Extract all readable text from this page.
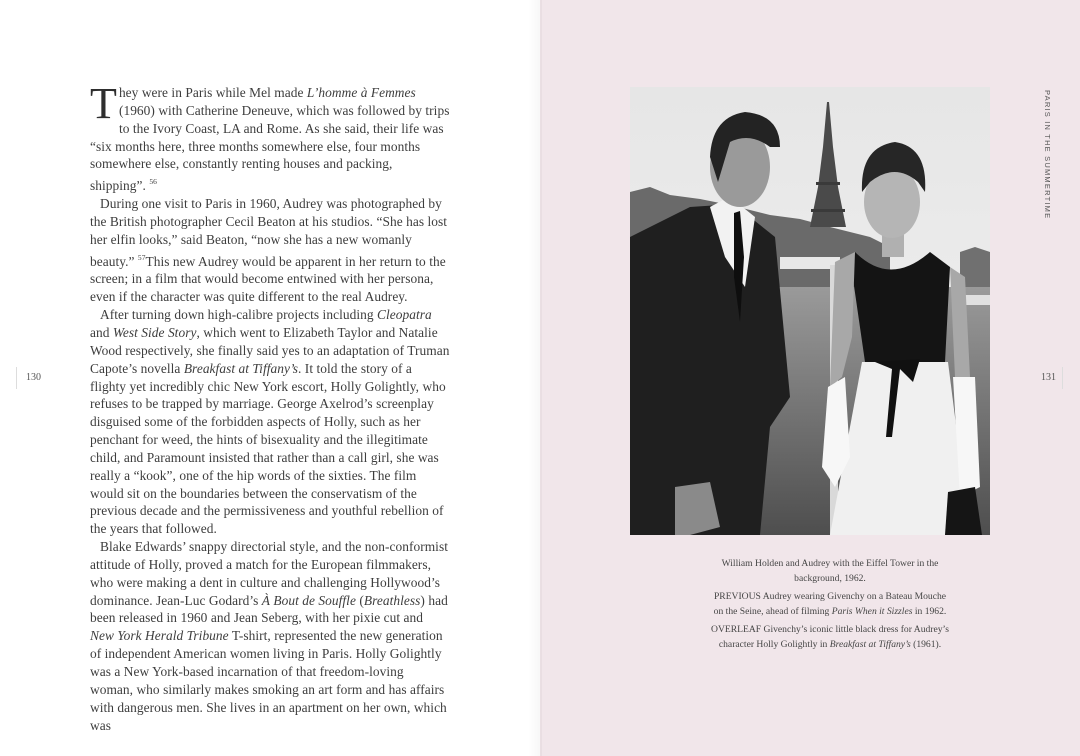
They were in Paris while Mel made L’homme à Femmes (1960) with Catherine Deneuve, which was followed by trips to the Ivory Coast, LA and Rome. As she said, their life was “six months here, three months somewhere else, four months somewhere else, constantly renting houses and packing, shipping”. $^{56}$

During one visit to Paris in 1960, Audrey was photographed by the British photographer Cecil Beaton at his studios. “She has lost her elfin looks,” said Beaton, “now she has a new womanly beauty.” $^{57}$This new Audrey would be apparent in her return to the screen; in a film that would become entwined with her persona, even if the character was quite different to the real Audrey.

After turning down high-calibre projects including Cleopatra and West Side Story, which went to Elizabeth Taylor and Natalie Wood respectively, she finally said yes to an adaptation of Truman Capote’s novella Breakfast at Tiffany’s. It told the story of a flighty yet incredibly chic New York escort, Holly Golightly, who refuses to be trapped by marriage. George Axelrod’s screenplay disguised some of the forbidden aspects of Holly, such as her penchant for weed, the hints of bisexuality and the illegitimate child, and Paramount insisted that rather than a call girl, she was really a “kook”, one of the hip words of the sixties. The film would sit on the boundaries between the conservatism of the previous decade and the permissiveness and youthful rebellion of the years that followed.

Blake Edwards’ snappy directorial style, and the non-conformist attitude of Holly, proved a match for the European filmmakers, who were making a dent in culture and challenging Hollywood’s dominance. Jean-Luc Godard’s À Bout de Souffle (Breathless) had been released in 1960 and Jean Seberg, with her pixie cut and New York Herald Tribune T-shirt, represented the new generation of independent American women living in Paris. Holly Golightly was a New York-based incarnation of that freedom-loving woman, who similarly makes smoking an art form and has affairs with dangerous men. She lives in an apartment on her own, which was

130
PARIS IN THE SUMMERTIME
131

William Holden and Audrey with the Eiffel Tower in the background, 1962.

PREVIOUS Audrey wearing Givenchy on a Bateau Mouche on the Seine, ahead of filming Paris When it Sizzles in 1962.

OVERLEAF Givenchy’s iconic little black dress for Audrey’s character Holly Golightly in Breakfast at Tiffany’s (1961).
